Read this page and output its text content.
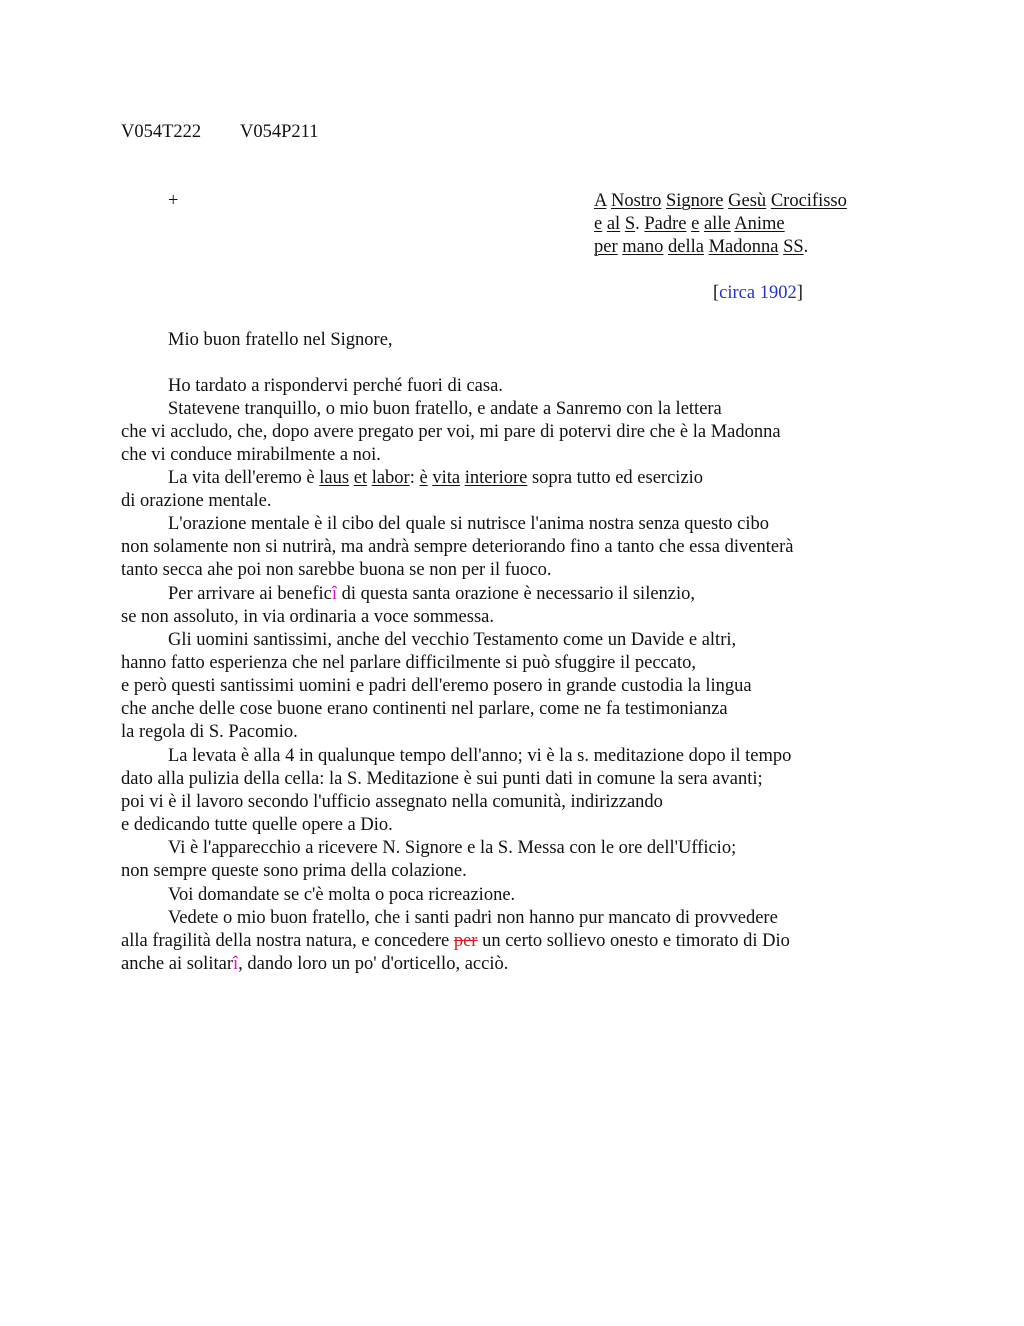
V054T222 V054P211
+	A Nostro Signore Gesù Crocifisso
e al S. Padre e alle Anime
per mano della Madonna SS.
[circa 1902]
Mio buon fratello nel Signore,
Ho tardato a rispondervi perché fuori di casa.
Statevene tranquillo, o mio buon fratello, e andate a Sanremo con la lettera
che vi accludo, che, dopo avere pregato per voi, mi pare di potervi dire che è la Madonna
che vi conduce mirabilmente a noi.
La vita dell'eremo è laus et labor: è vita interiore sopra tutto ed esercizio
di orazione mentale.
L'orazione mentale è il cibo del quale si nutrisce l'anima nostra senza questo cibo
non solamente non si nutrirà, ma andrà sempre deteriorando fino a tanto che essa diventerà
tanto secca ahe poi non sarebbe buona se non per il fuoco.
Per arrivare ai beneficî di questa santa orazione è necessario il silenzio,
se non assoluto, in via ordinaria a voce sommessa.
Gli uomini santissimi, anche del vecchio Testamento come un Davide e altri,
hanno fatto esperienza che nel parlare difficilmente si può sfuggire il peccato,
e però questi santissimi uomini e padri dell'eremo posero in grande custodia la lingua
che anche delle cose buone erano continenti nel parlare, come ne fa testimonianza
la regola di S. Pacomio.
La levata è alla 4 in qualunque tempo dell'anno; vi è la s. meditazione dopo il tempo
dato alla pulizia della cella: la S. Meditazione è sui punti dati in comune la sera avanti;
poi vi è il lavoro secondo l'ufficio assegnato nella comunità, indirizzando
e dedicando tutte quelle opere a Dio.
Vi è l'apparecchio a ricevere N. Signore e la S. Messa con le ore dell'Ufficio;
non sempre queste sono prima della colazione.
Voi domandate se c'è molta o poca ricreazione.
Vedete o mio buon fratello, che i santi padri non hanno pur mancato di provvedere
alla fragilità della nostra natura, e concedere per un certo sollievo onesto e timorato di Dio
anche ai solitarî, dando loro un po' d'orticello, acciò.
